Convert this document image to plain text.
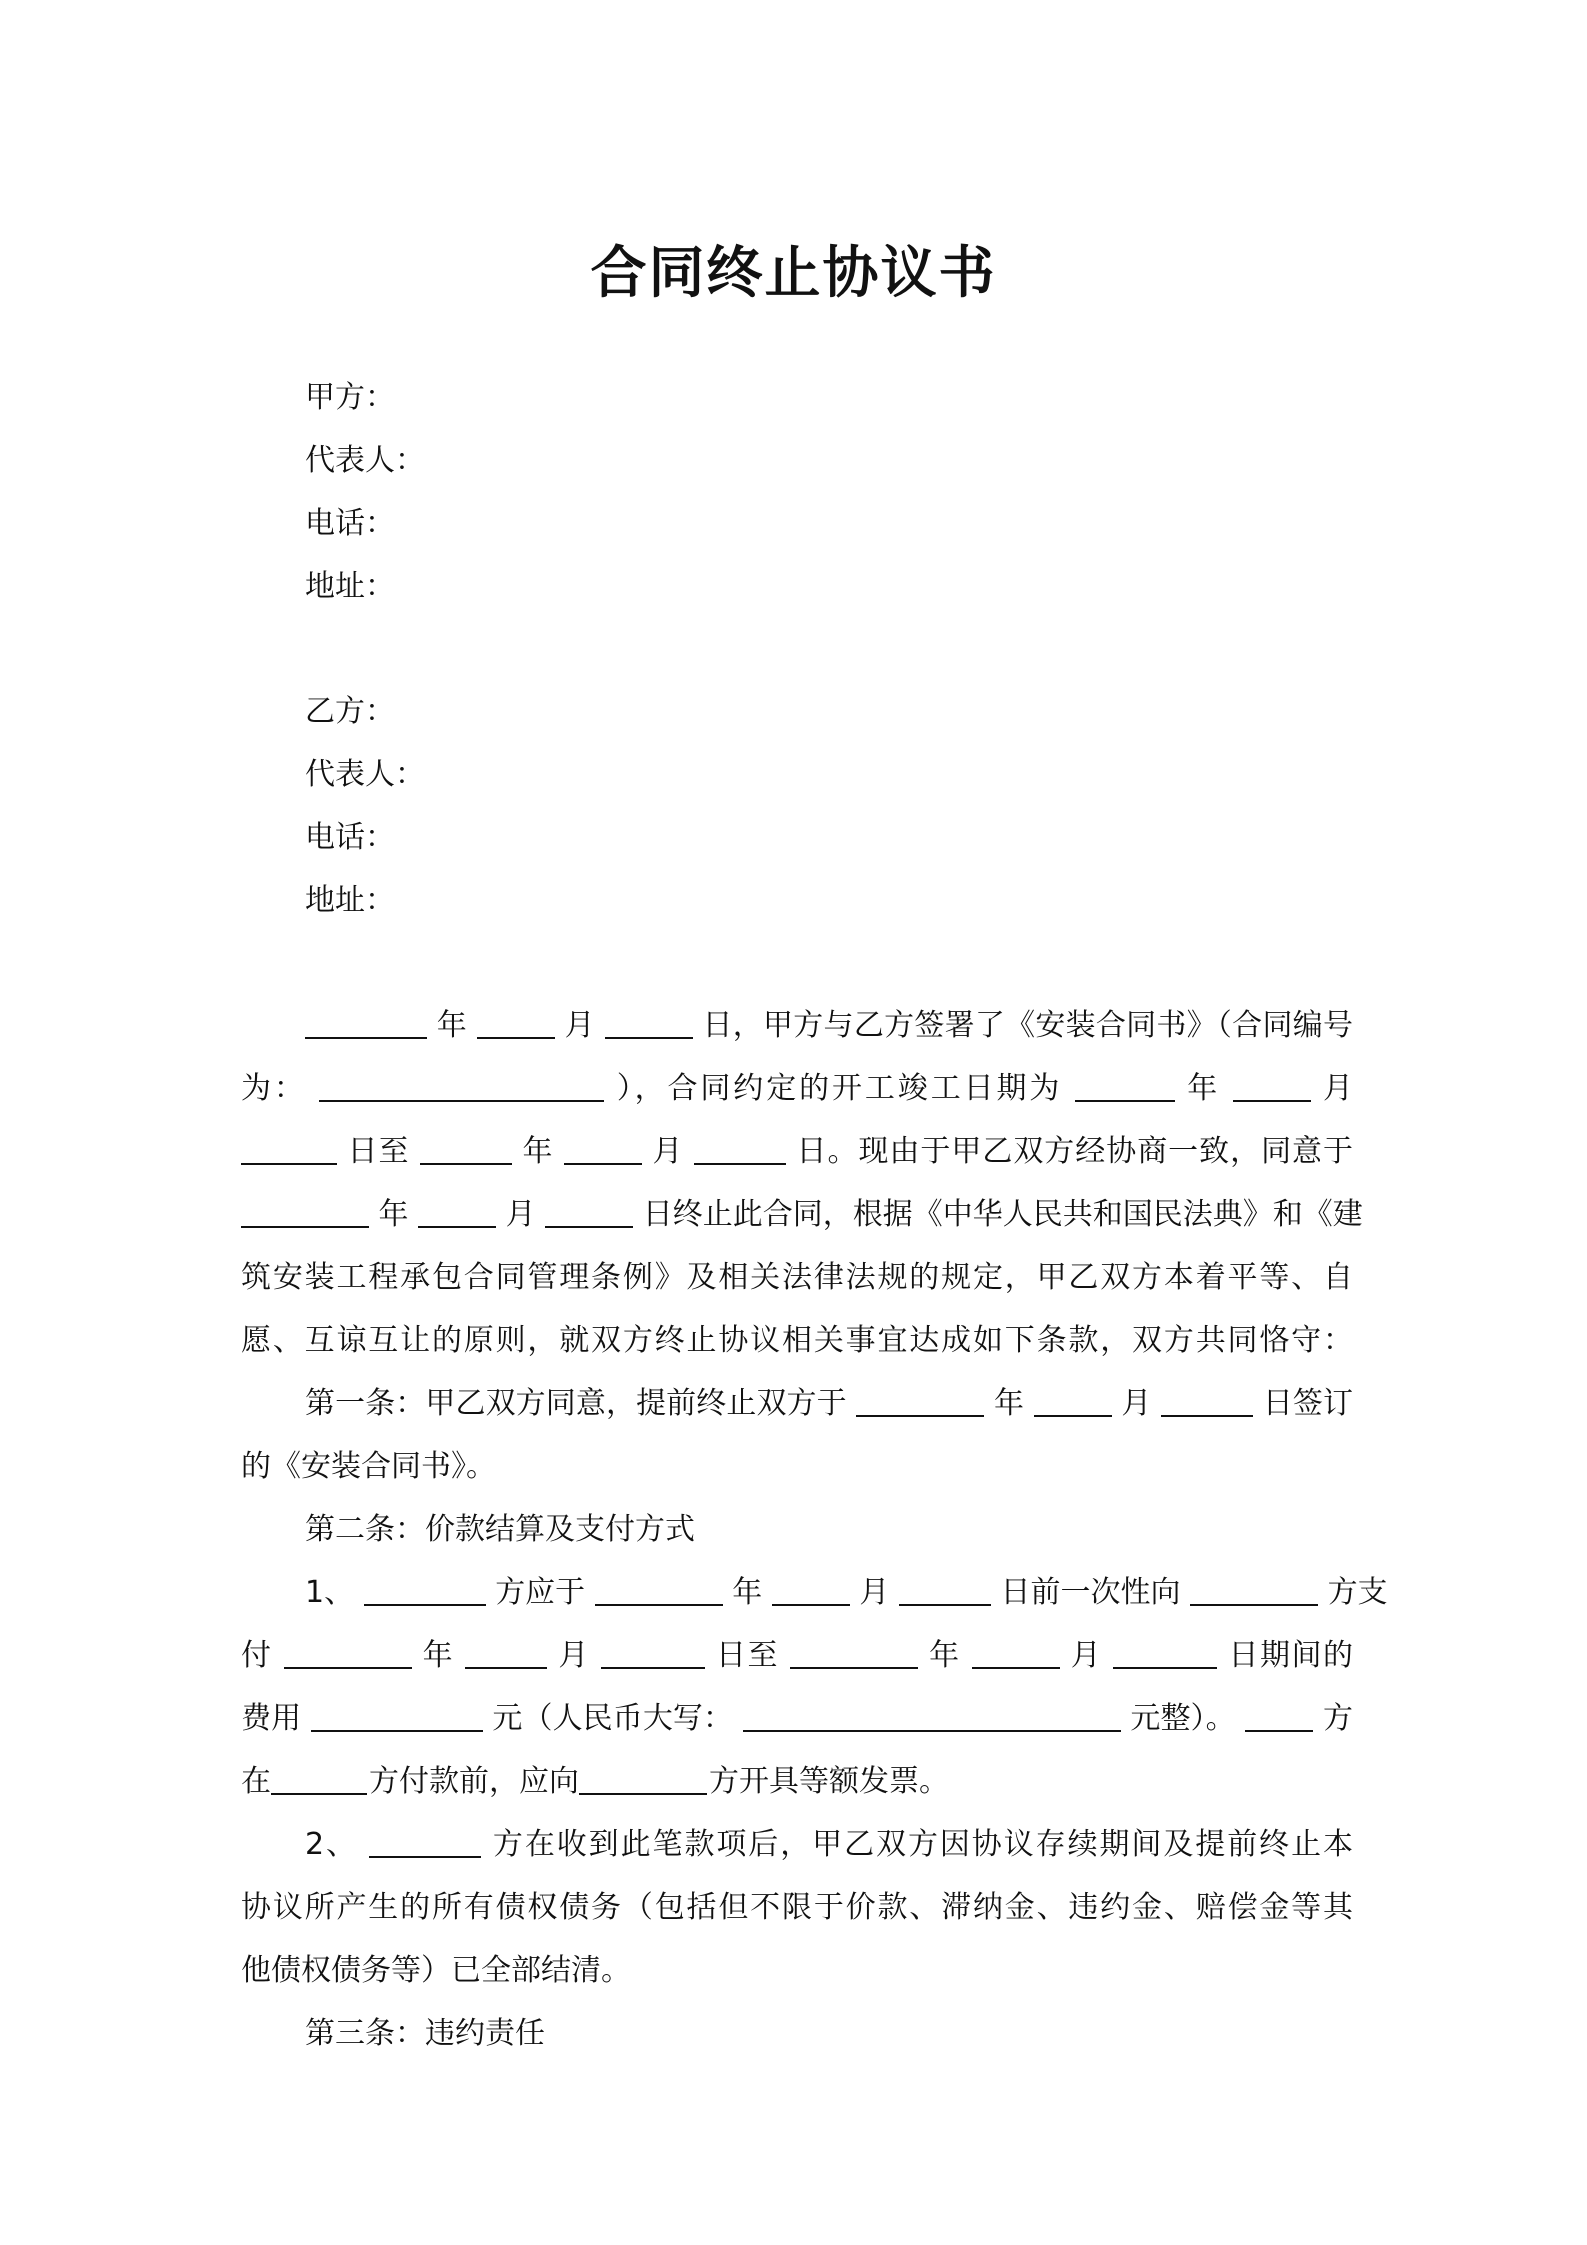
合同终止协议书
甲方：
代表人：
电话：
地址：
乙方：
代表人：
电话：
地址：
年	月	日，甲方与乙方签署了《安装合同书》（合同编号
为：	），合同约定的开工竣工日期为	年	月
日至	年	月	日。现由于甲乙双方经协商一致，同意于
年	月	日终止此合同，根据《中华人民共和国民法典》和《建
筑安装工程承包合同管理条例》及相关法律法规的规定，甲乙双方本着平等、自
愿、互谅互让的原则，就双方终止协议相关事宜达成如下条款，双方共同恪守：
第一条：甲乙双方同意，提前终止双方于	年	月	日签订
的《安装合同书》。
第二条：价款结算及支付方式
1、	方应于	年	月	日前一次性向	方支
付	年	月	日至	年	月	日期间的
费用	元（人民币大写：	元整）。	方
在	方付款前，应向	方开具等额发票。
2、	方在收到此笔款项后，甲乙双方因协议存续期间及提前终止本
协议所产生的所有债权债务（包括但不限于价款、滞纳金、违约金、赔偿金等其
他债权债务等）已全部结清。
第三条：违约责任
